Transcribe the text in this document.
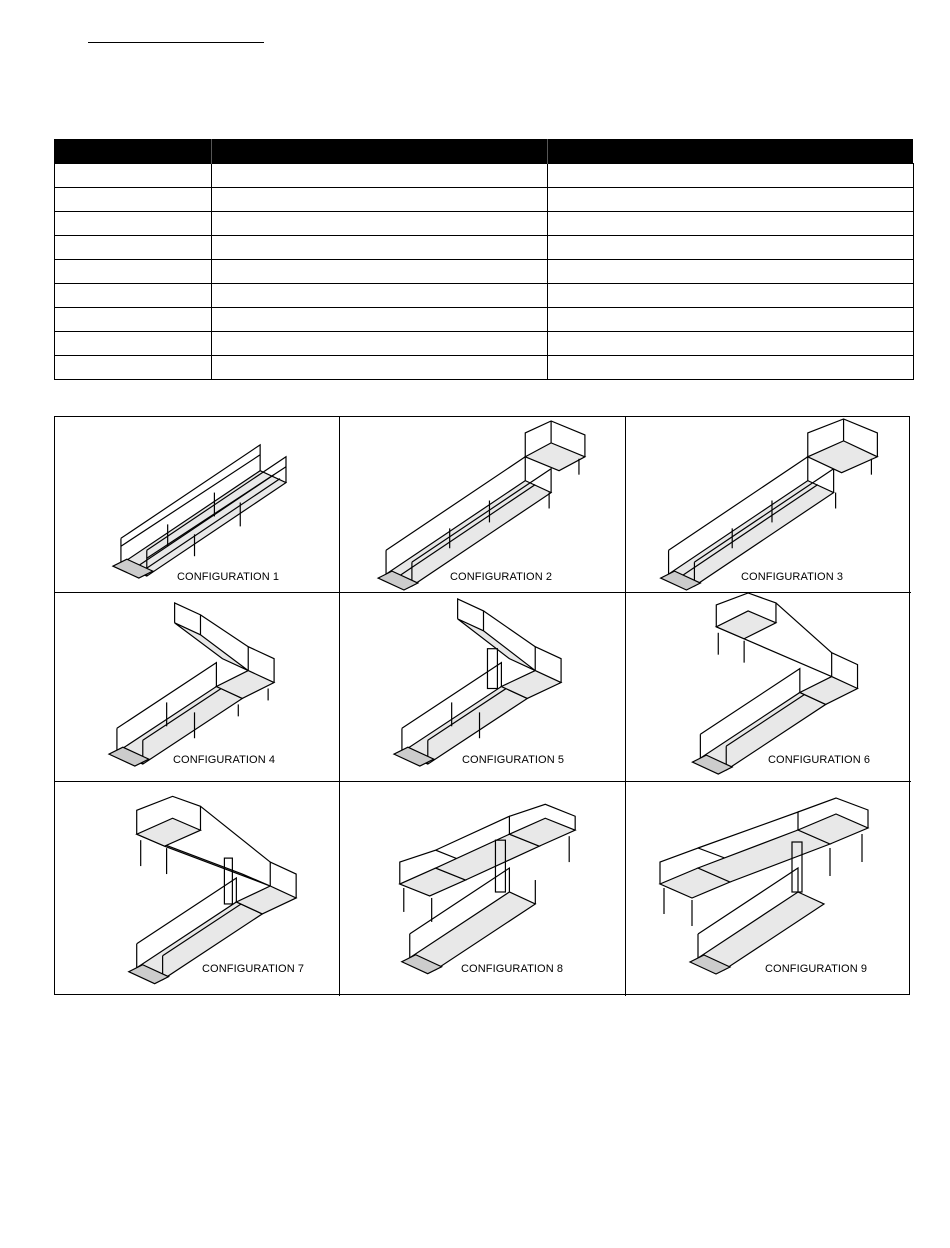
CONFIGURATION 1	CONFIGURATION 2	CONFIGURATION 3
CONFIGURATION 4	CONFIGURATION 5	CONFIGURATION 6
CONFIGURATION 7	CONFIGURATION 8	CONFIGURATION 9
